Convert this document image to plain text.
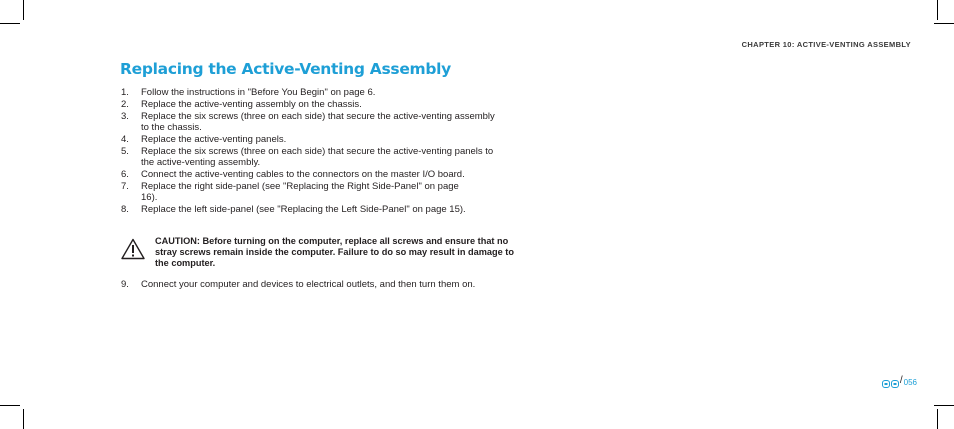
CHAPTER 10: ACTIVE-VENTING ASSEMBLY
Replacing the Active-Venting Assembly
1. Follow the instructions in "Before You Begin" on page 6.
2. Replace the active-venting assembly on the chassis.
3. Replace the six screws (three on each side) that secure the active-venting assembly to the chassis.
4. Replace the active-venting panels.
5. Replace the six screws (three on each side) that secure the active-venting panels to the active-venting assembly.
6. Connect the active-venting cables to the connectors on the master I/O board.
7. Replace the right side-panel (see "Replacing the Right Side-Panel" on page 16).
8. Replace the left side-panel (see "Replacing the Left Side-Panel" on page 15).
CAUTION: Before turning on the computer, replace all screws and ensure that no stray screws remain inside the computer. Failure to do so may result in damage to the computer.
9. Connect your computer and devices to electrical outlets, and then turn them on.
/ 056
